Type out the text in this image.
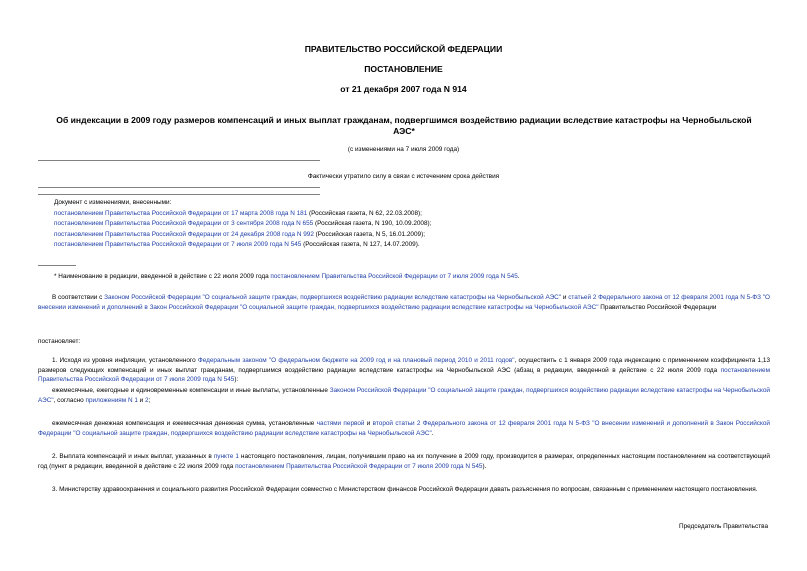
ПРАВИТЕЛЬСТВО РОССИЙСКОЙ ФЕДЕРАЦИИ
ПОСТАНОВЛЕНИЕ
от 21 декабря 2007 года N 914
Об индексации в 2009 году размеров компенсаций и иных выплат гражданам, подвергшимся воздействию радиации вследствие катастрофы на Чернобыльской АЭС*
(с изменениями на 7 июля 2009 года)
Фактически утратило силу в связи с истечением срока действия
Документ с изменениями, внесенными:
постановлением Правительства Российской Федерации от 17 марта 2008 года N 181 (Российская газета, N 62, 22.03.2008);
постановлением Правительства Российской Федерации от 3 сентября 2008 года N 655 (Российская газета, N 190, 10.09.2008);
постановлением Правительства Российской Федерации от 24 декабря 2008 года N 992 (Российская газета, N 5, 16.01.2009);
постановлением Правительства Российской Федерации от 7 июля 2009 года N 545 (Российская газета, N 127, 14.07.2009).
* Наименование в редакции, введенной в действие с 22 июля 2009 года постановлением Правительства Российской Федерации от 7 июля 2009 года N 545.
В соответствии с Законом Российской Федерации "О социальной защите граждан, подвергшихся воздействию радиации вследствие катастрофы на Чернобыльской АЭС" и статьей 2 Федерального закона от 12 февраля 2001 года N 5-ФЗ "О внесении изменений и дополнений в Закон Российской Федерации "О социальной защите граждан, подвергшихся воздействию радиации вследствие катастрофы на Чернобыльской АЭС" Правительство Российской Федерации
постановляет:
1. Исходя из уровня инфляции, установленного Федеральным законом "О федеральном бюджете на 2009 год и на плановый период 2010 и 2011 годов", осуществить с 1 января 2009 года индексацию с применением коэффициента 1,13 размеров следующих компенсаций и иных выплат гражданам, подвергшимся воздействию радиации вследствие катастрофы на Чернобыльской АЭС (абзац в редакции, введенной в действие с 22 июля 2009 года постановлением Правительства Российской Федерации от 7 июля 2009 года N 545):
ежемесячные, ежегодные и единовременные компенсации и иные выплаты, установленные Законом Российской Федерации "О социальной защите граждан, подвергшихся воздействию радиации вследствие катастрофы на Чернобыльской АЭС", согласно приложениям N 1 и 2;
ежемесячная денежная компенсация и ежемесячная денежная сумма, установленные частями первой и второй статьи 2 Федерального закона от 12 февраля 2001 года N 5-ФЗ "О внесении изменений и дополнений в Закон Российской Федерации "О социальной защите граждан, подвергшихся воздействию радиации вследствие катастрофы на Чернобыльской АЭС".
2. Выплата компенсаций и иных выплат, указанных в пункте 1 настоящего постановления, лицам, получившим право на их получение в 2009 году, производится в размерах, определенных настоящим постановлением на соответствующий год (пункт в редакции, введенной в действие с 22 июля 2009 года постановлением Правительства Российской Федерации от 7 июля 2009 года N 545).
3. Министерству здравоохранения и социального развития Российской Федерации совместно с Министерством финансов Российской Федерации давать разъяснения по вопросам, связанным с применением настоящего постановления.
Председатель Правительства
